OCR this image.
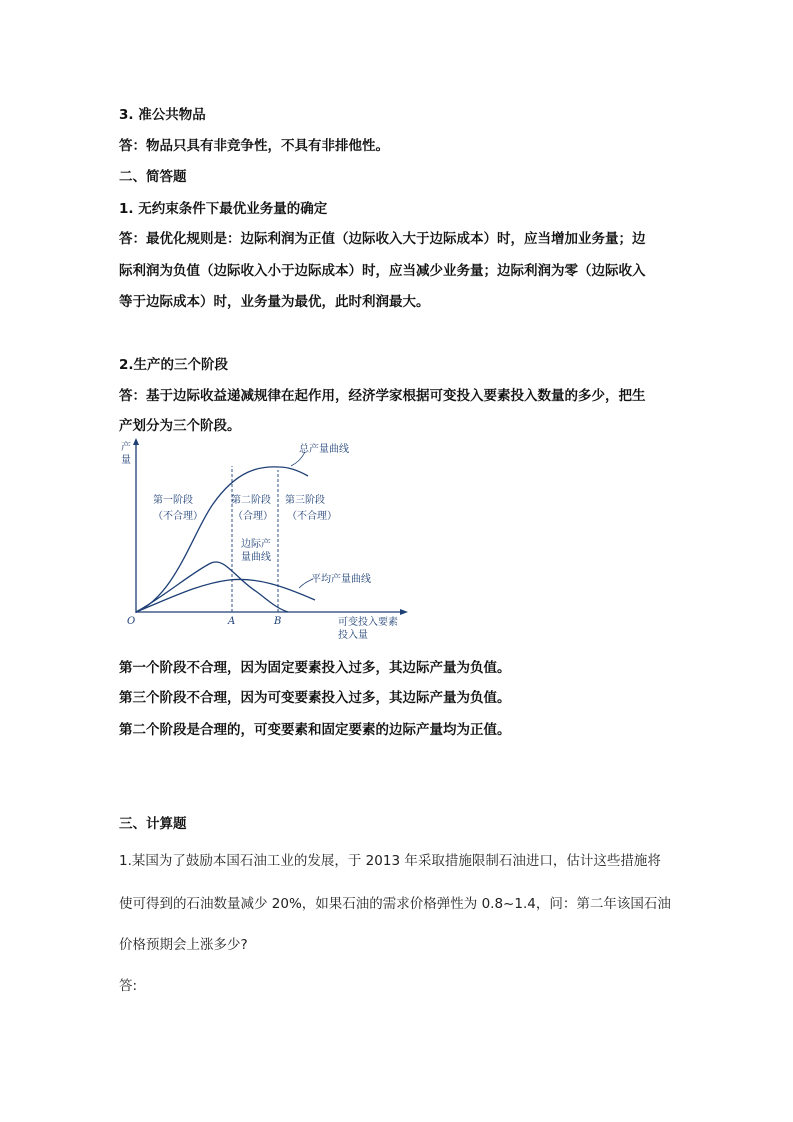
3. 准公共物品
答：物品只具有非竞争性，不具有非排他性。
二、简答题
1. 无约束条件下最优业务量的确定
答：最优化规则是：边际利润为正值（边际收入大于边际成本）时，应当增加业务量；边
际利润为负值（边际收入小于边际成本）时，应当减少业务量；边际利润为零（边际收入
等于边际成本）时，业务量为最优，此时利润最大。
2.生产的三个阶段
答：基于边际收益递减规律在起作用，经济学家根据可变投入要素投入数量的多少，把生
产划分为三个阶段。
产
量
O	A	B	可变投入要素
投入量
总产量曲线
边际产
量曲线
平均产量曲线
第一阶段
（不合理）
第二阶段
（合理）
第三阶段
（不合理）
第一个阶段不合理，因为固定要素投入过多，其边际产量为负值。
第三个阶段不合理，因为可变要素投入过多，其边际产量为负值。
第二个阶段是合理的，可变要素和固定要素的边际产量均为正值。
三、计算题
1.某国为了鼓励本国石油工业的发展，于 2013 年采取措施限制石油进口，估计这些措施将
使可得到的石油数量减少 20%，如果石油的需求价格弹性为 0.8~1.4，问：第二年该国石油
价格预期会上涨多少?
答:
